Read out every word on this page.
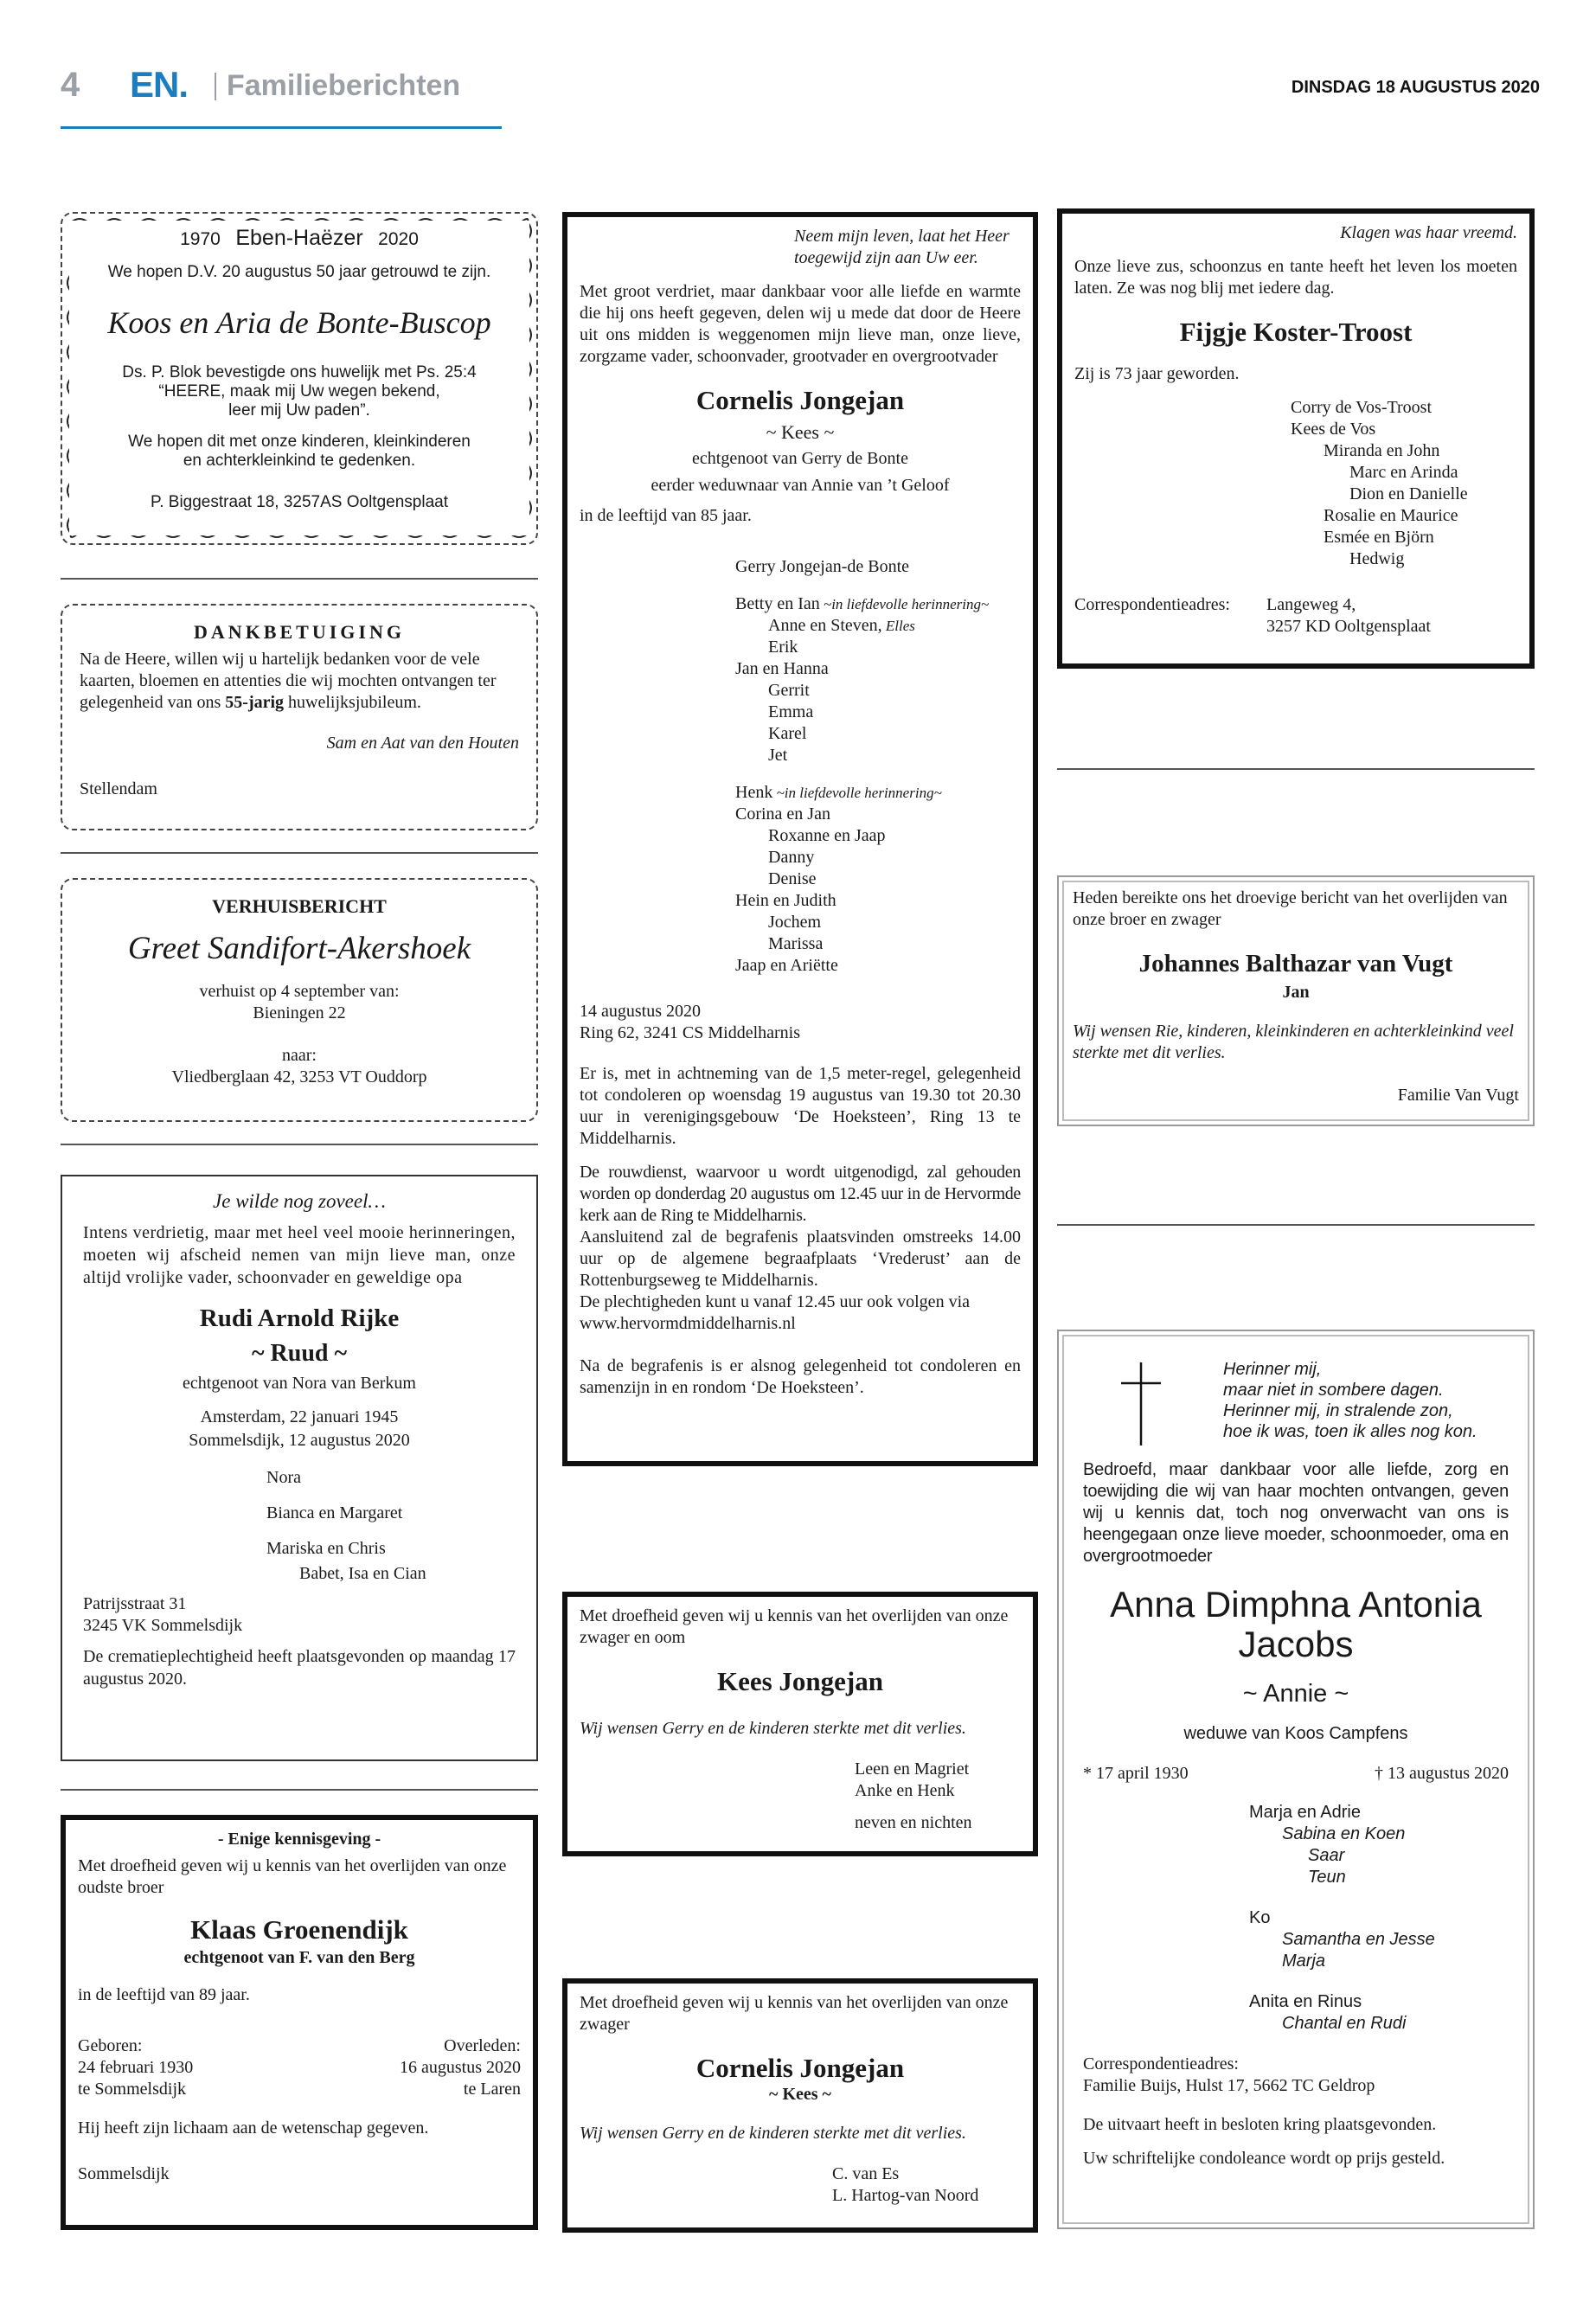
4 EN. Familieberichten	DINSDAG 18 AUGUSTUS 2020
1970 Eben-Haëzer 2020

We hopen D.V. 20 augustus 50 jaar getrouwd te zijn.

Koos en Aria de Bonte-Buscop

Ds. P. Blok bevestigde ons huwelijk met Ps. 25:4

“HEERE, maak mij Uw wegen bekend,

leer mij Uw paden”.

We hopen dit met onze kinderen, kleinkinderen

en achterkleinkind te gedenken.

P. Biggestraat 18, 3257AS Ooltgensplaat

DANKBETUIGING

Na de Heere, willen wij u hartelijk bedanken voor de vele kaarten, bloemen en attenties die wij mochten ontvangen ter gelegenheid van ons 55-jarig huwelijksjubileum.

Sam en Aat van den Houten

Stellendam

VERHUISBERICHT

Greet Sandifort-Akershoek

verhuist op 4 september van:

Bieningen 22

naar:

Vliedberglaan 42, 3253 VT Ouddorp

Je wilde nog zoveel…

Intens verdrietig, maar met heel veel mooie herinneringen, moeten wij afscheid nemen van mijn lieve man, onze altijd vrolijke vader, schoonvader en geweldige opa

Rudi Arnold Rijke

~ Ruud ~

echtgenoot van Nora van Berkum

Amsterdam, 22 januari 1945

Sommelsdijk, 12 augustus 2020

Nora

Bianca en Margaret

Mariska en Chris

Babet, Isa en Cian

Patrijsstraat 31

3245 VK Sommelsdijk

De crematieplechtigheid heeft plaatsgevonden op maandag 17 augustus 2020.

- Enige kennisgeving -

Met droefheid geven wij u kennis van het overlijden van onze oudste broer

Klaas Groenendijk

echtgenoot van F. van den Berg

in de leeftijd van 89 jaar.

Geboren:

24 februari 1930

te Sommelsdijk

Overleden:

16 augustus 2020

te Laren

Hij heeft zijn lichaam aan de wetenschap gegeven.

Sommelsdijk

Neem mijn leven, laat het Heer

toegewijd zijn aan Uw eer.

Met groot verdriet, maar dankbaar voor alle liefde en warmte die hij ons heeft gegeven, delen wij u mede dat door de Heere uit ons midden is weggenomen mijn lieve man, onze lieve, zorgzame vader, schoonvader, grootvader en overgrootvader

Cornelis Jongejan

~ Kees ~

echtgenoot van Gerry de Bonte

eerder weduwnaar van Annie van ’t Geloof

in de leeftijd van 85 jaar.

Gerry Jongejan-de Bonte

Betty en Ian ~in liefdevolle herinnering~

Anne en Steven, Elles

Erik

Jan en Hanna

Gerrit

Emma

Karel

Jet

Henk ~in liefdevolle herinnering~

Corina en Jan

Roxanne en Jaap

Danny

Denise

Hein en Judith

Jochem

Marissa

Jaap en Ariëtte

14 augustus 2020

Ring 62, 3241 CS Middelharnis

Er is, met in achtneming van de 1,5 meter-regel, gelegenheid tot condoleren op woensdag 19 augustus van 19.30 tot 20.30 uur in verenigingsgebouw ‘De Hoeksteen’, Ring 13 te Middelharnis.

De rouwdienst, waarvoor u wordt uitgenodigd, zal gehouden worden op donderdag 20 augustus om 12.45 uur in de Hervormde kerk aan de Ring te Middelharnis.

Aansluitend zal de begrafenis plaatsvinden omstreeks 14.00 uur op de algemene begraafplaats ‘Vrederust’ aan de Rottenburgseweg te Middelharnis.

De plechtigheden kunt u vanaf 12.45 uur ook volgen via www.hervormdmiddelharnis.nl

Na de begrafenis is er alsnog gelegenheid tot condoleren en samenzijn in en rondom ‘De Hoeksteen’.

Met droefheid geven wij u kennis van het overlijden van onze zwager en oom

Kees Jongejan

Wij wensen Gerry en de kinderen sterkte met dit verlies.

Leen en Magriet

Anke en Henk

neven en nichten

Met droefheid geven wij u kennis van het overlijden van onze zwager

Cornelis Jongejan

~ Kees ~

Wij wensen Gerry en de kinderen sterkte met dit verlies.

C. van Es

L. Hartog-van Noord

Klagen was haar vreemd.

Onze lieve zus, schoonzus en tante heeft het leven los moeten laten. Ze was nog blij met iedere dag.

Fijgje Koster-Troost

Zij is 73 jaar geworden.

Corry de Vos-Troost

Kees de Vos

Miranda en John

Marc en Arinda

Dion en Danielle

Rosalie en Maurice

Esmée en Björn

Hedwig

Correspondentieadres:	Langeweg 4,

3257 KD Ooltgensplaat

Heden bereikte ons het droevige bericht van het overlijden van onze broer en zwager

Johannes Balthazar van Vugt

Jan

Wij wensen Rie, kinderen, kleinkinderen en achterkleinkind veel sterkte met dit verlies.

Familie Van Vugt

Herinner mij,

maar niet in sombere dagen.

Herinner mij, in stralende zon,

hoe ik was, toen ik alles nog kon.

Bedroefd, maar dankbaar voor alle liefde, zorg en toewijding die wij van haar mochten ontvangen, geven wij u kennis dat, toch nog onverwacht van ons is heengegaan onze lieve moeder, schoonmoeder, oma en overgrootmoeder

Anna Dimphna Antonia

Jacobs

~ Annie ~

weduwe van Koos Campfens

* 17 april 1930	† 13 augustus 2020

Marja en Adrie

Sabina en Koen

Saar

Teun

Ko

Samantha en Jesse

Marja

Anita en Rinus

Chantal en Rudi

Correspondentieadres:

Familie Buijs, Hulst 17, 5662 TC Geldrop

De uitvaart heeft in besloten kring plaatsgevonden.

Uw schriftelijke condoleance wordt op prijs gesteld.
